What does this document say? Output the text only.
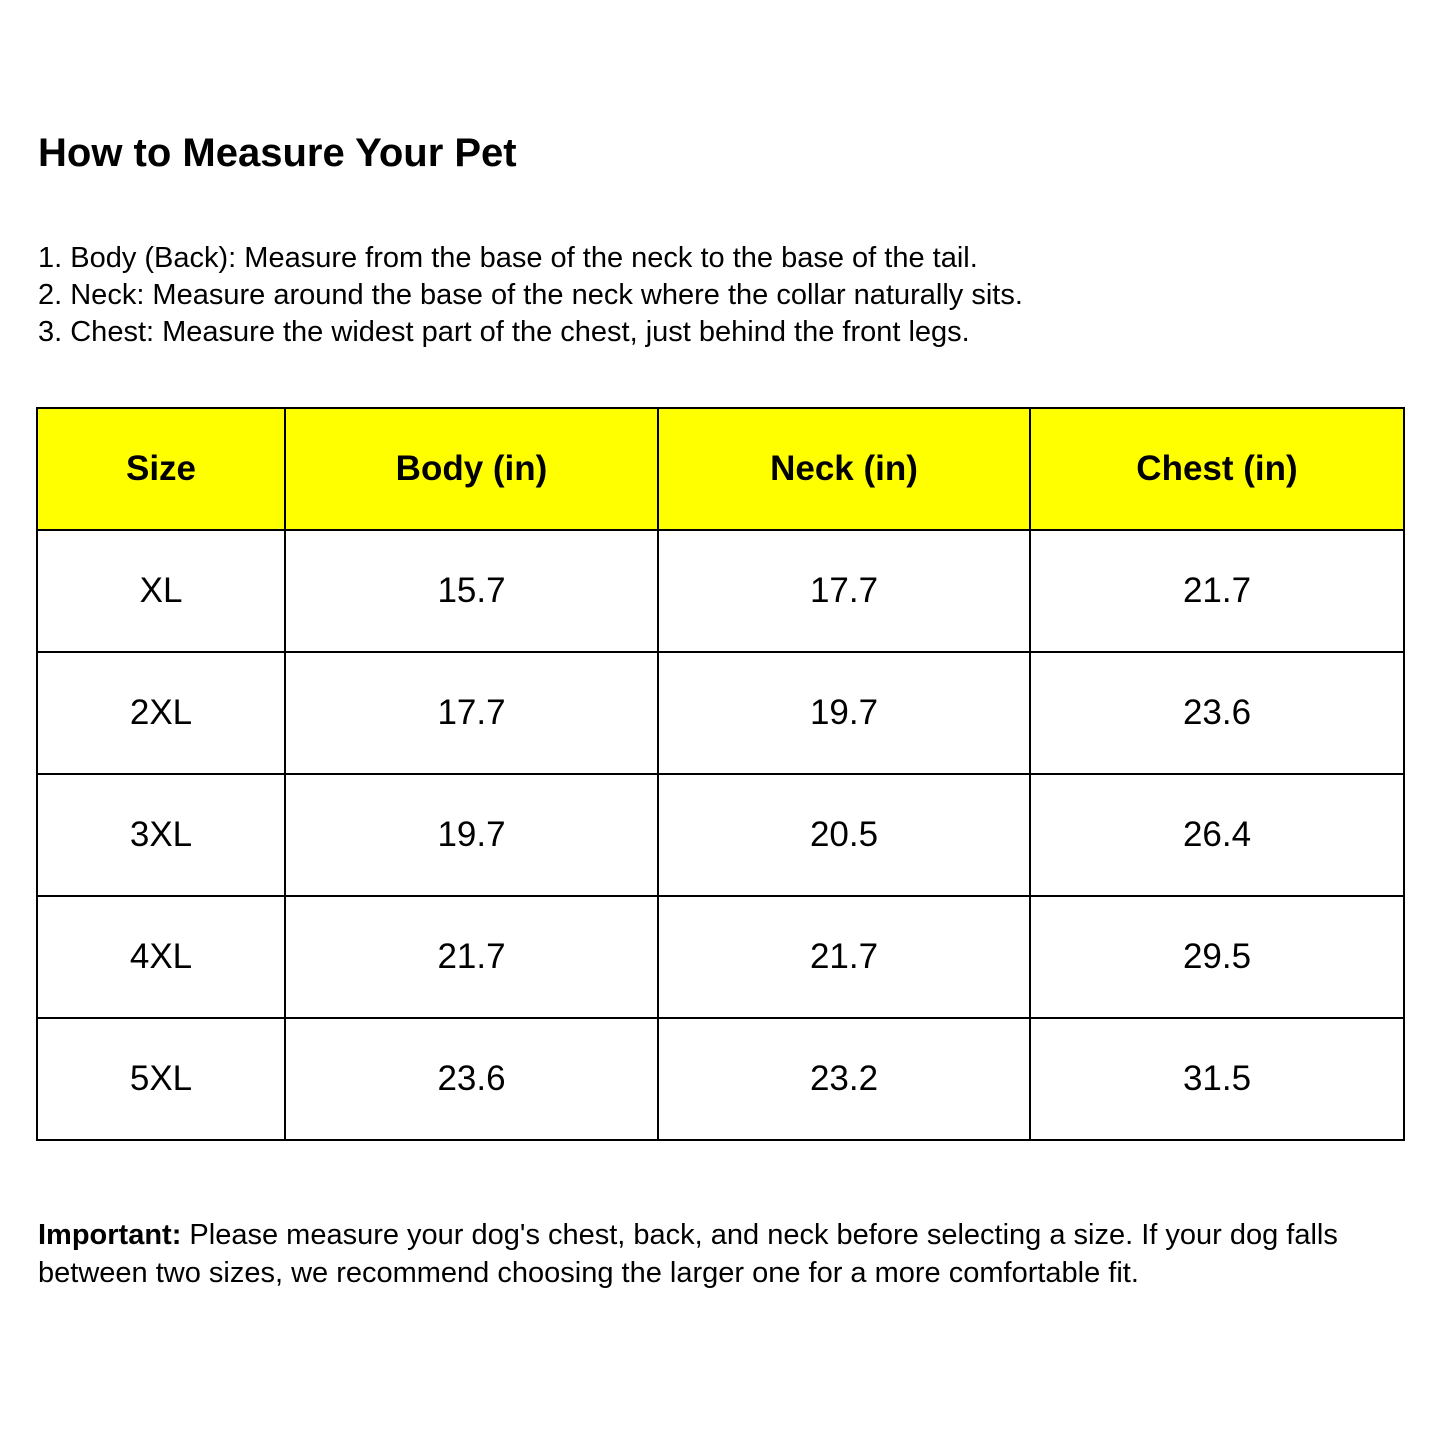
How to Measure Your Pet
1. Body (Back): Measure from the base of the neck to the base of the tail.
2. Neck: Measure around the base of the neck where the collar naturally sits.
3. Chest: Measure the widest part of the chest, just behind the front legs.
Size	Body (in)	Neck (in)	Chest (in)
XL	15.7	17.7	21.7
2XL	17.7	19.7	23.6
3XL	19.7	20.5	26.4
4XL	21.7	21.7	29.5
5XL	23.6	23.2	31.5

Important: Please measure your dog's chest, back, and neck before selecting a size. If your dog falls between two sizes, we recommend choosing the larger one for a more comfortable fit.
